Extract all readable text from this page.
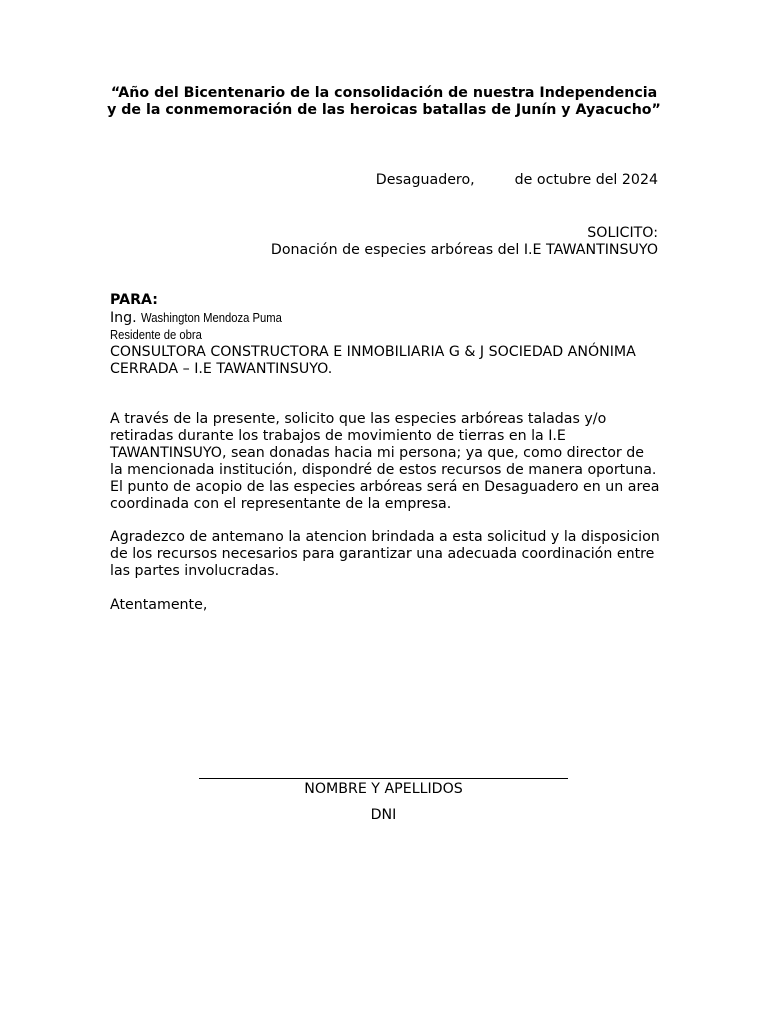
“Año del Bicentenario de la consolidación de nuestra Independencia y de la conmemoración de las heroicas batallas de Junín y Ayacucho”
Desaguadero,	de octubre del 2024
SOLICITO:
Donación de especies arbóreas del I.E TAWANTINSUYO
PARA:
Ing. Washington Mendoza Puma
Residente de obra
CONSULTORA CONSTRUCTORA E INMOBILIARIA G & J SOCIEDAD ANÓNIMA CERRADA – I.E TAWANTINSUYO.
A través de la presente, solicito que las especies arbóreas taladas y/o retiradas durante los trabajos de movimiento de tierras en la I.E TAWANTINSUYO, sean donadas hacia mi persona; ya que, como director de la mencionada institución, dispondré de estos recursos de manera oportuna. El punto de acopio de las especies arbóreas será en Desaguadero en un area coordinada con el representante de la empresa.
Agradezco de antemano la atencion brindada a esta solicitud y la disposicion de los recursos necesarios para garantizar una adecuada coordinación entre las partes involucradas.
Atentamente,
NOMBRE Y APELLIDOS
DNI
